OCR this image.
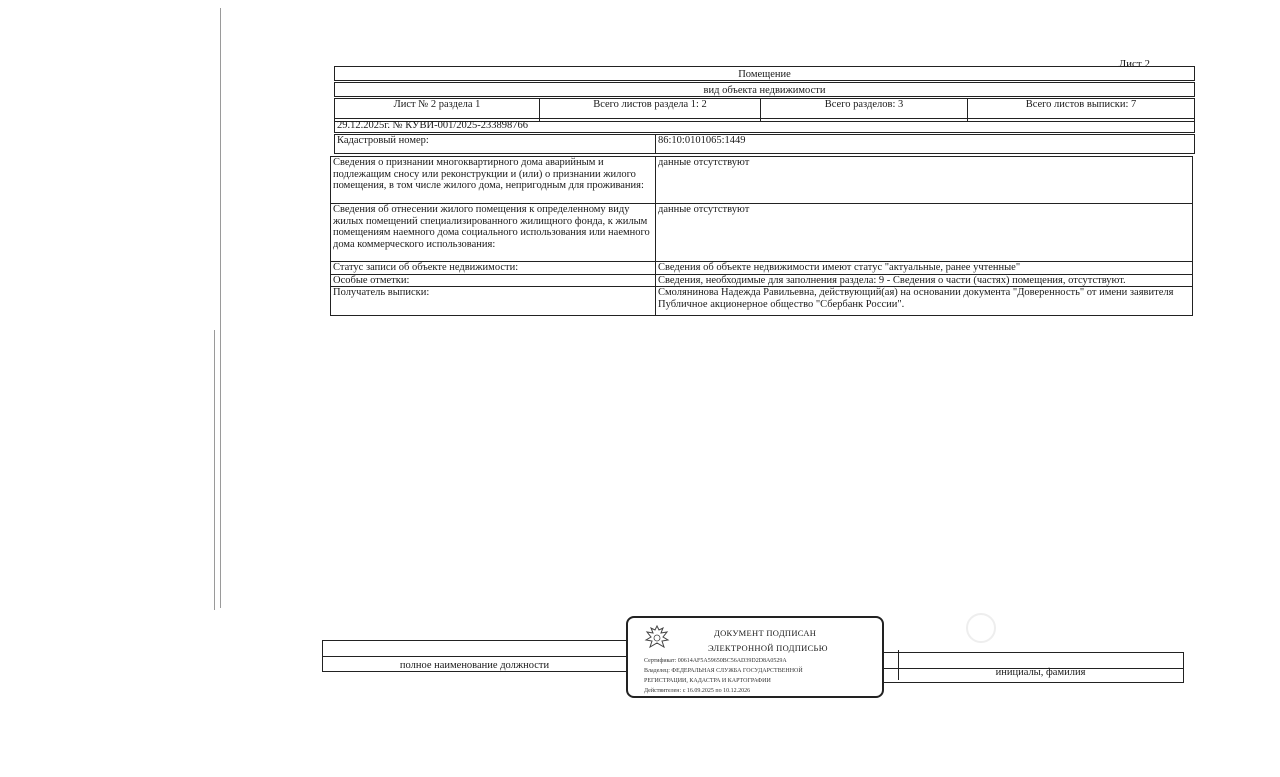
Лист 2
Помещение
вид объекта недвижимости
Лист № 2 раздела 1	Всего листов раздела 1: 2	Всего разделов: 3	Всего листов выписки: 7
29.12.2025г. № КУВИ-001/2025-233898766
Кадастровый номер:	86:10:0101065:1449
Сведения о признании многоквартирного дома аварийным и подлежащим сносу или реконструкции и (или) о признании жилого помещения, в том числе жилого дома, непригодным для проживания:	данные отсутствуют
Сведения об отнесении жилого помещения к определенному виду жилых помещений специализированного жилищного фонда, к жилым помещениям наемного дома социального использования или наемного дома коммерческого использования:	данные отсутствуют
Статус записи об объекте недвижимости:	Сведения об объекте недвижимости имеют статус "актуальные, ранее учтенные"
Особые отметки:	Сведения, необходимые для заполнения раздела: 9 - Сведения о части (частях) помещения, отсутствуют.
Получатель выписки:	Смолянинова Надежда Равильевна, действующий(ая) на основании документа "Доверенность" от имени заявителя Публичное акционерное общество "Сбербанк России".
полное наименование должности
инициалы, фамилия
ДОКУМЕНТ ПОДПИСАН
ЭЛЕКТРОННОЙ ПОДПИСЬЮ
Сертификат: 00614AF5A59650BC56AD39D2D8A0529A
Владелец: ФЕДЕРАЛЬНАЯ СЛУЖБА ГОСУДАРСТВЕННОЙ
РЕГИСТРАЦИИ, КАДАСТРА И КАРТОГРАФИИ
Действителен: с 16.09.2025 по 10.12.2026
